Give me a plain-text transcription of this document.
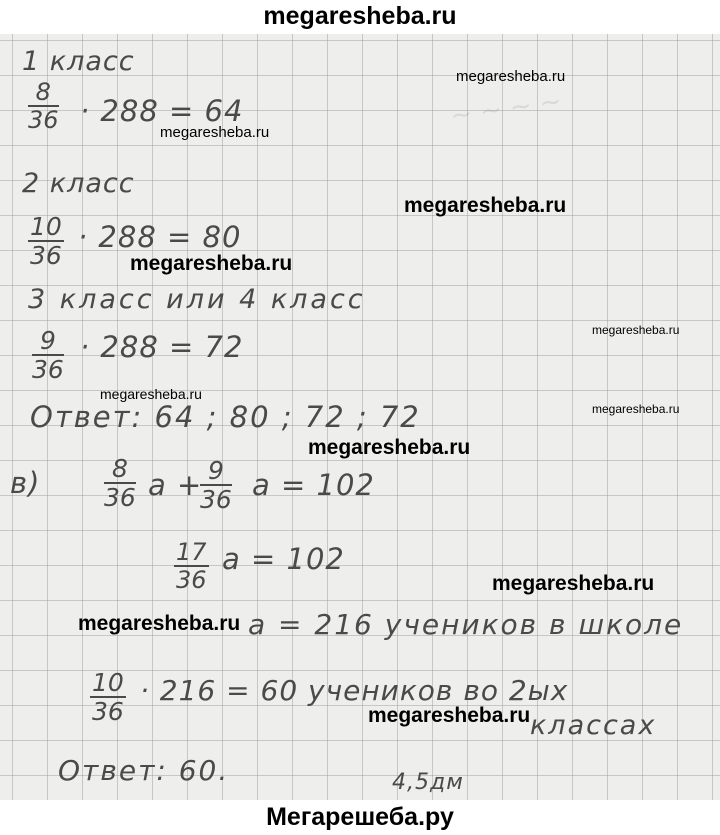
megaresheba.ru
~ ~ ~ ~
1 класс
$\frac{8}{36} \cdot 288 = 64$
2 класс
$\frac{10}{36} \cdot 288 = 80$
3 класс или 4 класс
$\frac{9}{36} \cdot 288 = 72$
Ответ: 64 ; 80 ; 72 ; 72
в)	$\frac{8}{36}$ a +
$\frac{9}{36}$ a = 102
$\frac{17}{36}$ a = 102
a = 216 учеников в школе
$\frac{10}{36} \cdot 216 = 60$ учеников во 2ых
классах
Ответ: 60.	4,5дм
megaresheba.ru
megaresheba.ru
megaresheba.ru
megaresheba.ru
megaresheba.ru
megaresheba.ru
megaresheba.ru
megaresheba.ru
megaresheba.ru
megaresheba.ru
megaresheba.ru
Мегарешеба.ру
